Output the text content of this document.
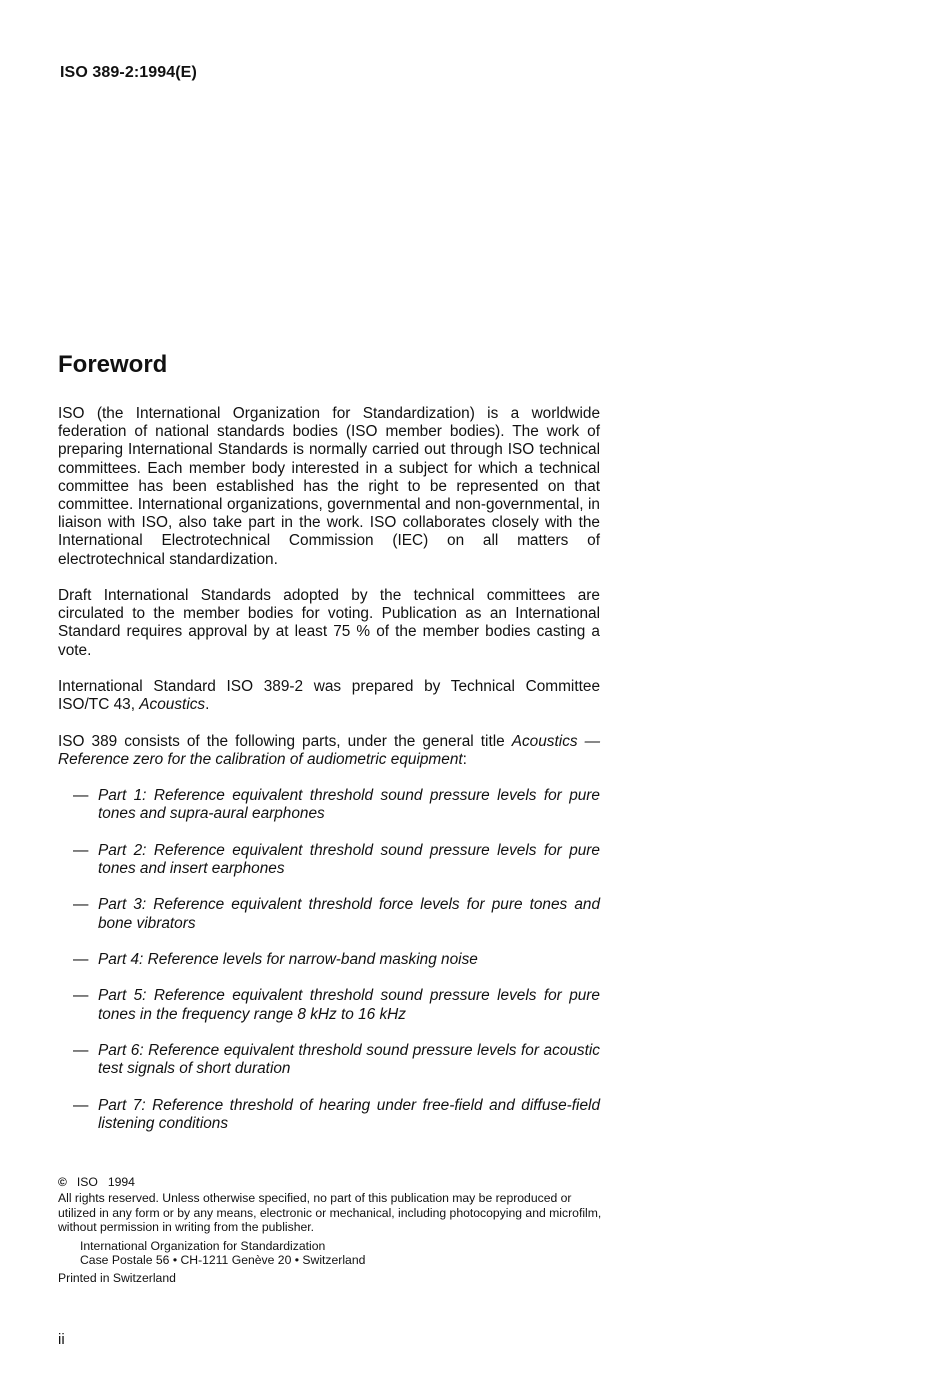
ISO 389-2:1994(E)
Foreword

ISO (the International Organization for Standardization) is a worldwide federation of national standards bodies (ISO member bodies). The work of preparing International Standards is normally carried out through ISO technical committees. Each member body interested in a subject for which a technical committee has been established has the right to be represented on that committee. International organizations, governmental and non-governmental, in liaison with ISO, also take part in the work. ISO collaborates closely with the International Electrotechnical Commission (IEC) on all matters of electrotechnical standardization.

Draft International Standards adopted by the technical committees are circulated to the member bodies for voting. Publication as an International Standard requires approval by at least 75 % of the member bodies casting a vote.

International Standard ISO 389-2 was prepared by Technical Committee ISO/TC 43, Acoustics.

ISO 389 consists of the following parts, under the general title Acoustics — Reference zero for the calibration of audiometric equipment:

— Part 1: Reference equivalent threshold sound pressure levels for pure tones and supra-aural earphones
— Part 2: Reference equivalent threshold sound pressure levels for pure tones and insert earphones
— Part 3: Reference equivalent threshold force levels for pure tones and bone vibrators
— Part 4: Reference levels for narrow-band masking noise
— Part 5: Reference equivalent threshold sound pressure levels for pure tones in the frequency range 8 kHz to 16 kHz
— Part 6: Reference equivalent threshold sound pressure levels for acoustic test signals of short duration
— Part 7: Reference threshold of hearing under free-field and diffuse-field listening conditions
© ISO 1994
All rights reserved. Unless otherwise specified, no part of this publication may be reproduced or utilized in any form or by any means, electronic or mechanical, including photocopying and microfilm, without permission in writing from the publisher.
International Organization for Standardization
Case Postale 56 • CH-1211 Genève 20 • Switzerland
Printed in Switzerland
ii
